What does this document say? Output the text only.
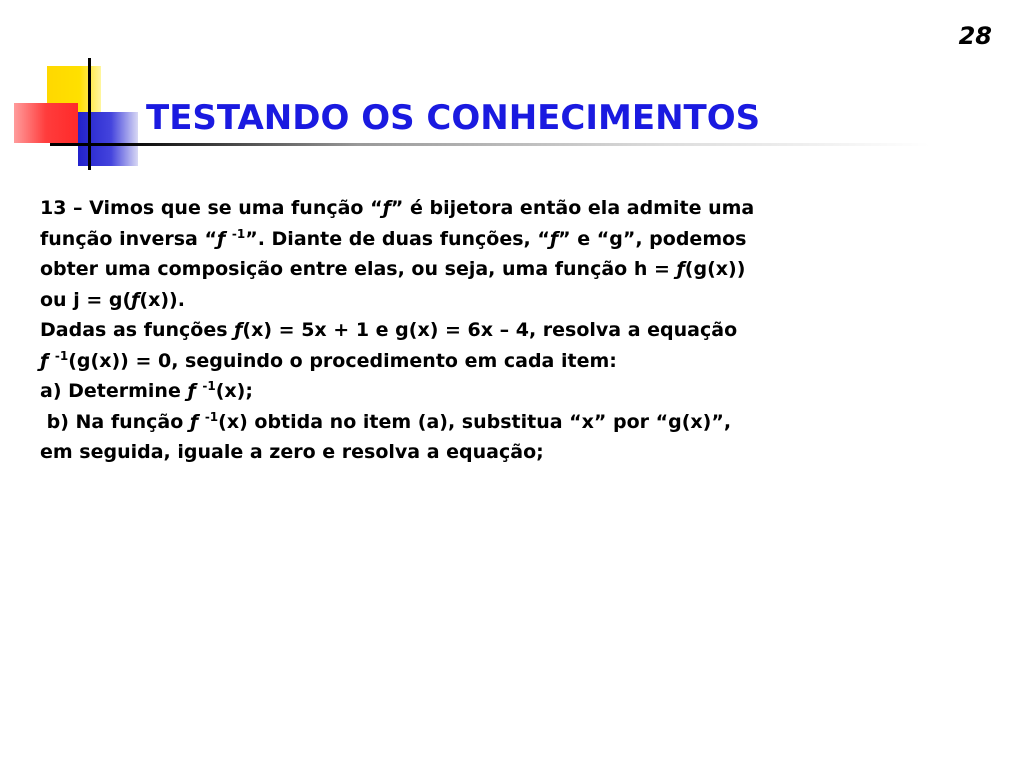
28
TESTANDO OS CONHECIMENTOS
13 – Vimos que se uma função “ƒ” é bijetora então ela admite uma
função inversa “ƒ $^{-1}$”. Diante de duas funções, “ƒ” e “g”, podemos
obter uma composição entre elas, ou seja, uma função h = ƒ(g(x))
ou j = g(ƒ(x)).
Dadas as funções ƒ(x) = 5x + 1 e g(x) = 6x – 4, resolva a equação
ƒ $^{-1}$(g(x)) = 0, seguindo o procedimento em cada item:
a) Determine ƒ $^{-1}$(x);
b) Na função ƒ $^{-1}$(x) obtida no item (a), substitua “x” por “g(x)”,
em seguida, iguale a zero e resolva a equação;
